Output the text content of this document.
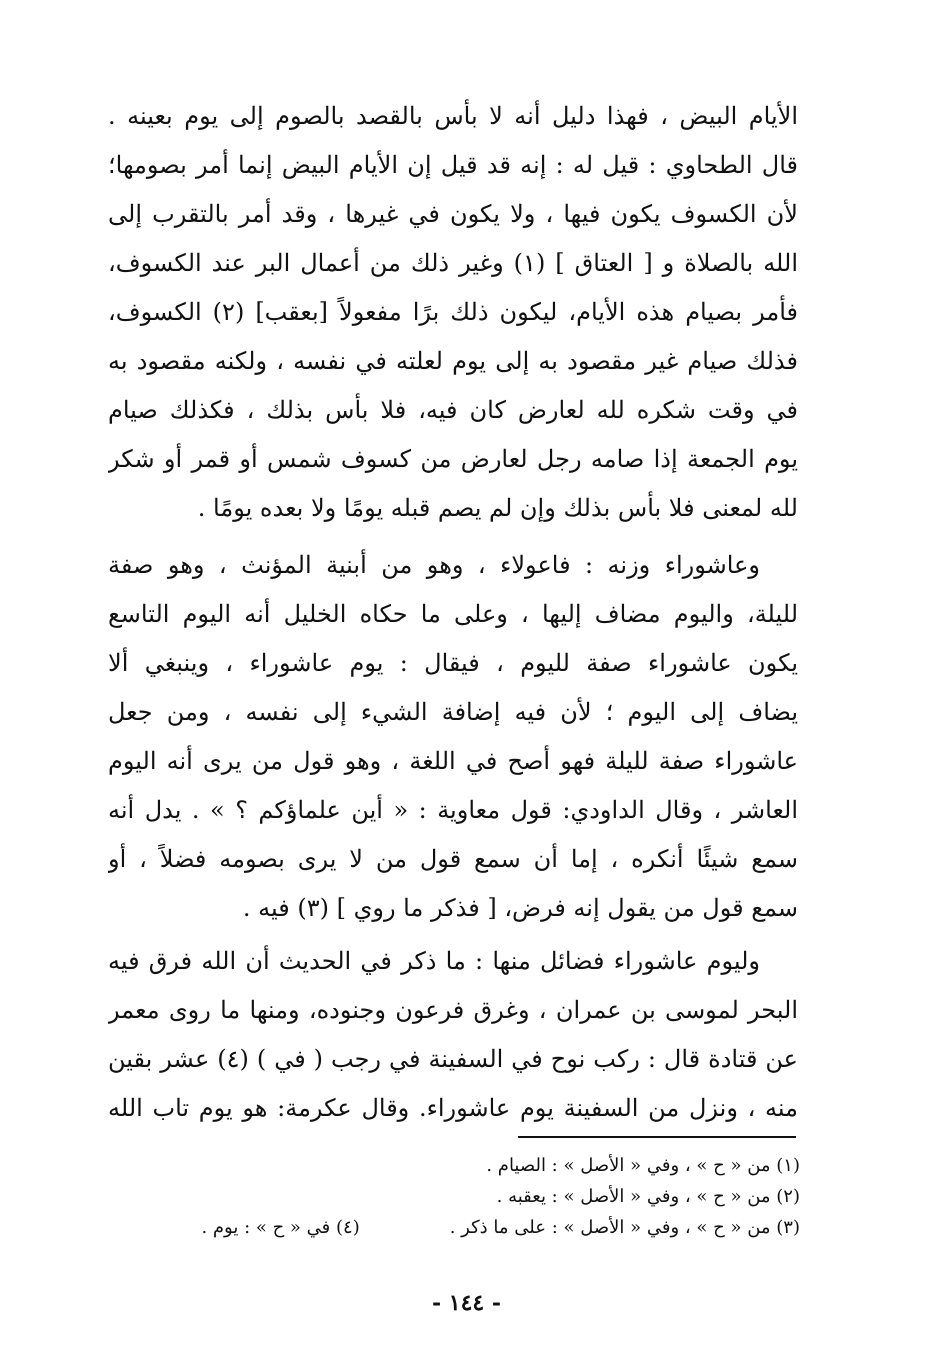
الأيام البيض ، فهذا دليل أنه لا بأس بالقصد بالصوم إلى يوم بعينه .
قال الطحاوي : قيل له : إنه قد قيل إن الأيام البيض إنما أمر بصومها؛
لأن الكسوف يكون فيها ، ولا يكون في غيرها ، وقد أمر بالتقرب إلى
الله بالصلاة و [ العتاق ] (١) وغير ذلك من أعمال البر عند الكسوف،
فأمر بصيام هذه الأيام، ليكون ذلك برًا مفعولاً [بعقب] (٢) الكسوف،
فذلك صيام غير مقصود به إلى يوم لعلته في نفسه ، ولكنه مقصود به
في وقت شكره لله لعارض كان فيه، فلا بأس بذلك ، فكذلك صيام
يوم الجمعة إذا صامه رجل لعارض من كسوف شمس أو قمر أو شكر
لله لمعنى فلا بأس بذلك وإن لم يصم قبله يومًا ولا بعده يومًا .
وعاشوراء وزنه : فاعولاء ، وهو من أبنية المؤنث ، وهو صفة
لليلة، واليوم مضاف إليها ، وعلى ما حكاه الخليل أنه اليوم التاسع
يكون عاشوراء صفة لليوم ، فيقال : يوم عاشوراء ، وينبغي ألا
يضاف إلى اليوم ؛ لأن فيه إضافة الشيء إلى نفسه ، ومن جعل
عاشوراء صفة لليلة فهو أصح في اللغة ، وهو قول من يرى أنه اليوم
العاشر ، وقال الداودي: قول معاوية : « أين علماؤكم ؟ » . يدل أنه
سمع شيئًا أنكره ، إما أن سمع قول من لا يرى بصومه فضلاً ، أو
سمع قول من يقول إنه فرض، [ فذكر ما روي ] (٣) فيه .
وليوم عاشوراء فضائل منها : ما ذكر في الحديث أن الله فرق فيه
البحر لموسى بن عمران ، وغرق فرعون وجنوده، ومنها ما روى معمر
عن قتادة قال : ركب نوح في السفينة في رجب ( في ) (٤) عشر بقين
منه ، ونزل من السفينة يوم عاشوراء. وقال عكرمة: هو يوم تاب الله
(١) من « ح » ، وفي « الأصل » : الصيام .
(٢) من « ح » ، وفي « الأصل » : يعقبه .
(٣) من « ح » ، وفي « الأصل » : على ما ذكر .(٤) في « ح » : يوم .
- ١٤٤ -
